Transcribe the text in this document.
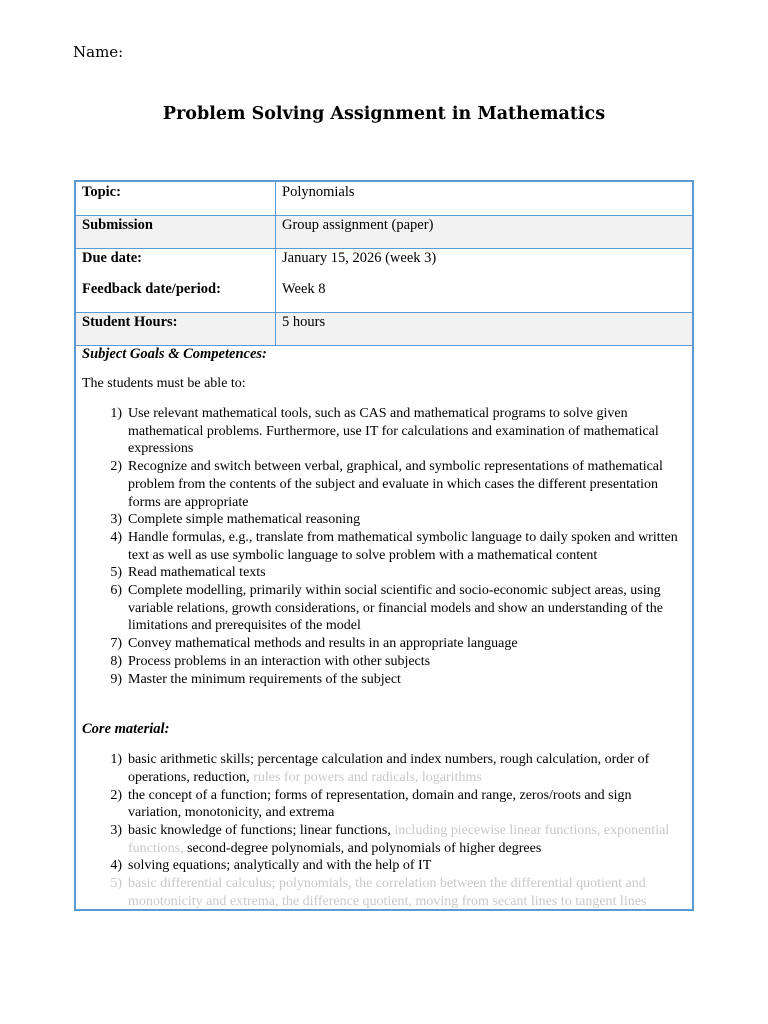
Name:
Problem Solving Assignment in Mathematics
Topic:	Polynomials
Submission	Group assignment (paper)
Due date:	January 15, 2026 (week 3)
Feedback date/period:	Week 8
Student Hours:	5 hours
Subject Goals & Competences:
The students must be able to:
1) Use relevant mathematical tools, such as CAS and mathematical programs to solve given mathematical problems. Furthermore, use IT for calculations and examination of mathematical expressions
2) Recognize and switch between verbal, graphical, and symbolic representations of mathematical problem from the contents of the subject and evaluate in which cases the different presentation forms are appropriate
3) Complete simple mathematical reasoning
4) Handle formulas, e.g., translate from mathematical symbolic language to daily spoken and written text as well as use symbolic language to solve problem with a mathematical content
5) Read mathematical texts
6) Complete modelling, primarily within social scientific and socio-economic subject areas, using variable relations, growth considerations, or financial models and show an understanding of the limitations and prerequisites of the model
7) Convey mathematical methods and results in an appropriate language
8) Process problems in an interaction with other subjects
9) Master the minimum requirements of the subject
Core material:
1) basic arithmetic skills; percentage calculation and index numbers, rough calculation, order of operations, reduction, rules for powers and radicals, logarithms
2) the concept of a function; forms of representation, domain and range, zeros/roots and sign variation, monotonicity, and extrema
3) basic knowledge of functions; linear functions, including piecewise linear functions, exponential functions, second-degree polynomials, and polynomials of higher degrees
4) solving equations; analytically and with the help of IT
5) basic differential calculus; polynomials, the correlation between the differential quotient and monotonicity and extrema, the difference quotient, moving from secant lines to tangent lines
